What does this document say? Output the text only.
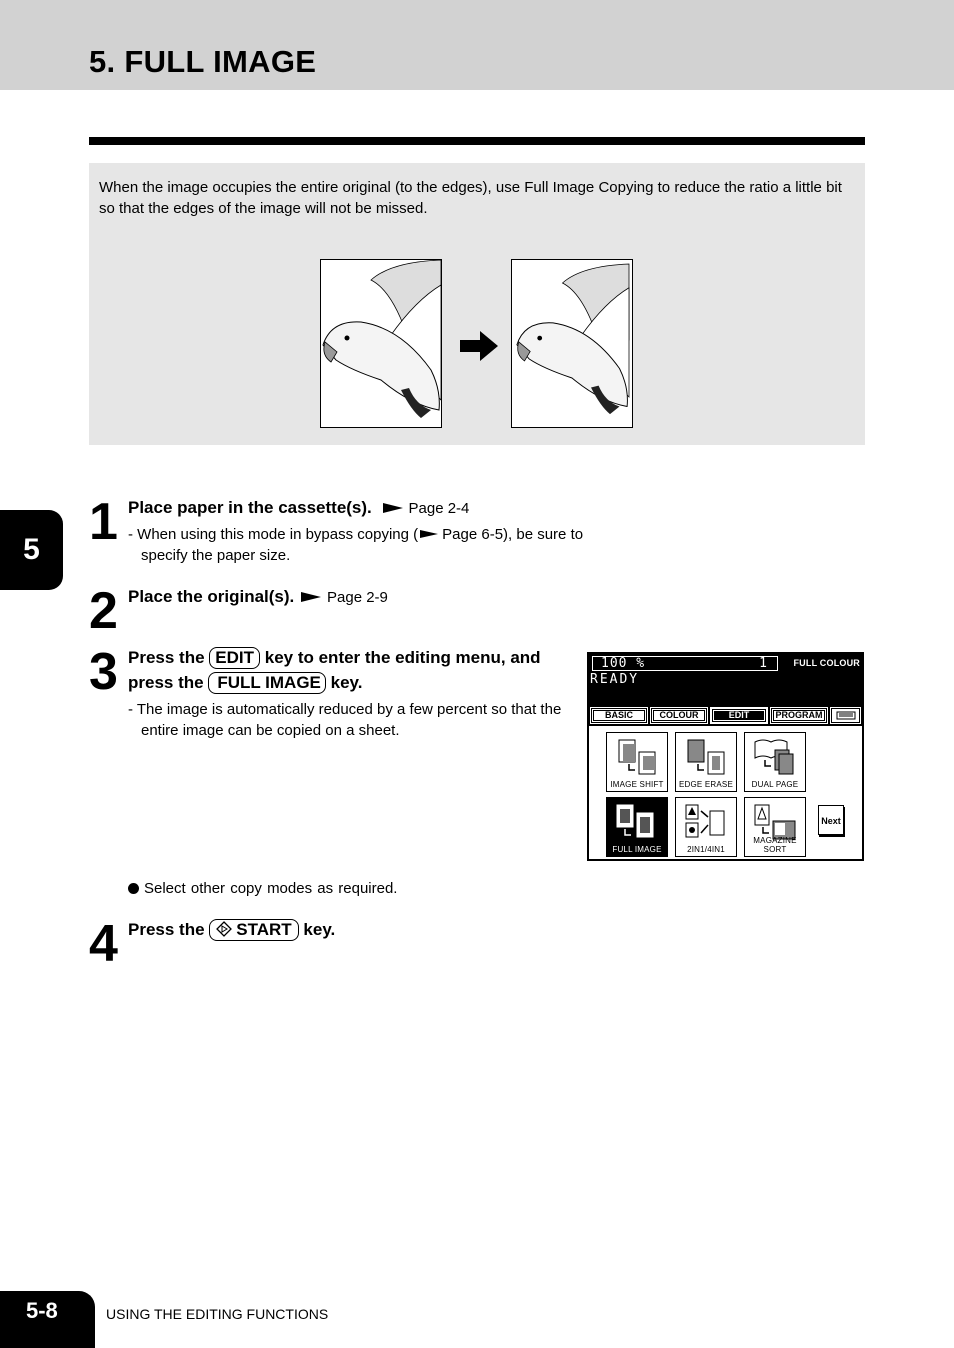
5. FULL IMAGE

When the image occupies the entire original (to the edges), use Full Image Copying to reduce the ratio a little bit so that the edges of the image will not be missed.

5 1 Place paper in the cassette(s). Page 2-4

- When using this mode in bypass copying ( Page 6-5), be sure to specify the paper size.

2 Place the original(s). Page 2-9

3 Press the EDIT key to enter the editing menu, and press the FULL IMAGE key.

- The image is automatically reduced by a few percent so that the entire image can be copied on a sheet.

100 %	1	FULL COLOUR
READY
BASIC	COLOUR	EDIT	PROGRAM
IMAGE SHIFT	EDGE ERASE	DUAL PAGE
FULL IMAGE	2IN1/4IN1
MAGAZINE SORT
Next

Select other copy modes as required.

4 Press the START key.

5-8	USING THE EDITING FUNCTIONS
